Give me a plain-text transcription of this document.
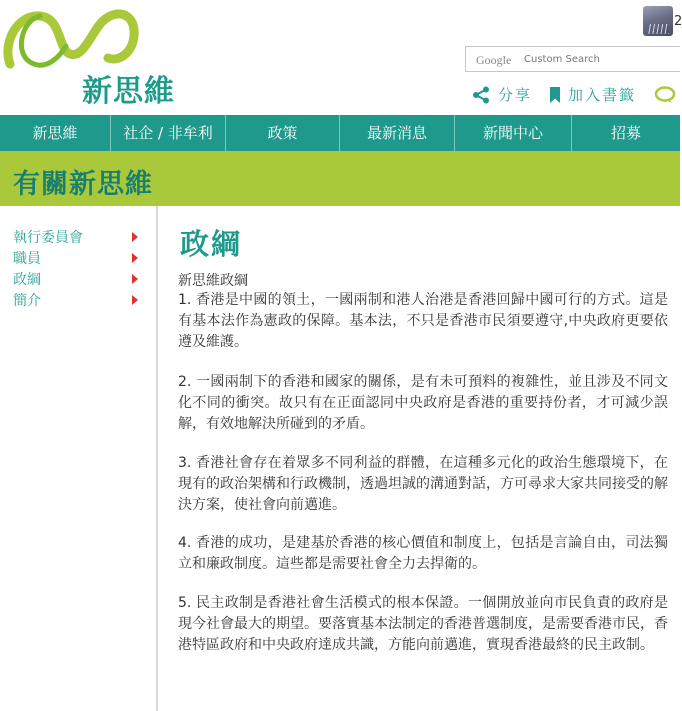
新思維
2
Google Custom Search
分享 加入書籤
新思維	社企 / 非牟利	政策	最新消息	新聞中心	招募
有關新思維
執行委員會
職員
政綱
簡介
政綱
新思維政綱

1. 香港是中國的領土，一國兩制和港人治港是香港回歸中國可行的方式。這是有基本法作為憲政的保障。基本法，不只是香港市民須要遵守,中央政府更要依遵及維護。

2. 一國兩制下的香港和國家的關係，是有未可預料的複雜性，並且涉及不同文化不同的衝突。故只有在正面認同中央政府是香港的重要持份者，才可減少誤解，有效地解決所碰到的矛盾。

3. 香港社會存在着眾多不同利益的群體，在這種多元化的政治生態環境下，在現有的政治架構和行政機制，透過坦誠的溝通對話，方可尋求大家共同接受的解決方案，使社會向前邁進。

4. 香港的成功，是建基於香港的核心價值和制度上，包括是言論自由，司法獨立和廉政制度。這些都是需要社會全力去捍衛的。

5. 民主政制是香港社會生活模式的根本保證。一個開放並向市民負責的政府是現今社會最大的期望。要落實基本法制定的香港普選制度，是需要香港市民，香港特區政府和中央政府達成共識，方能向前邁進，實現香港最終的民主政制。
